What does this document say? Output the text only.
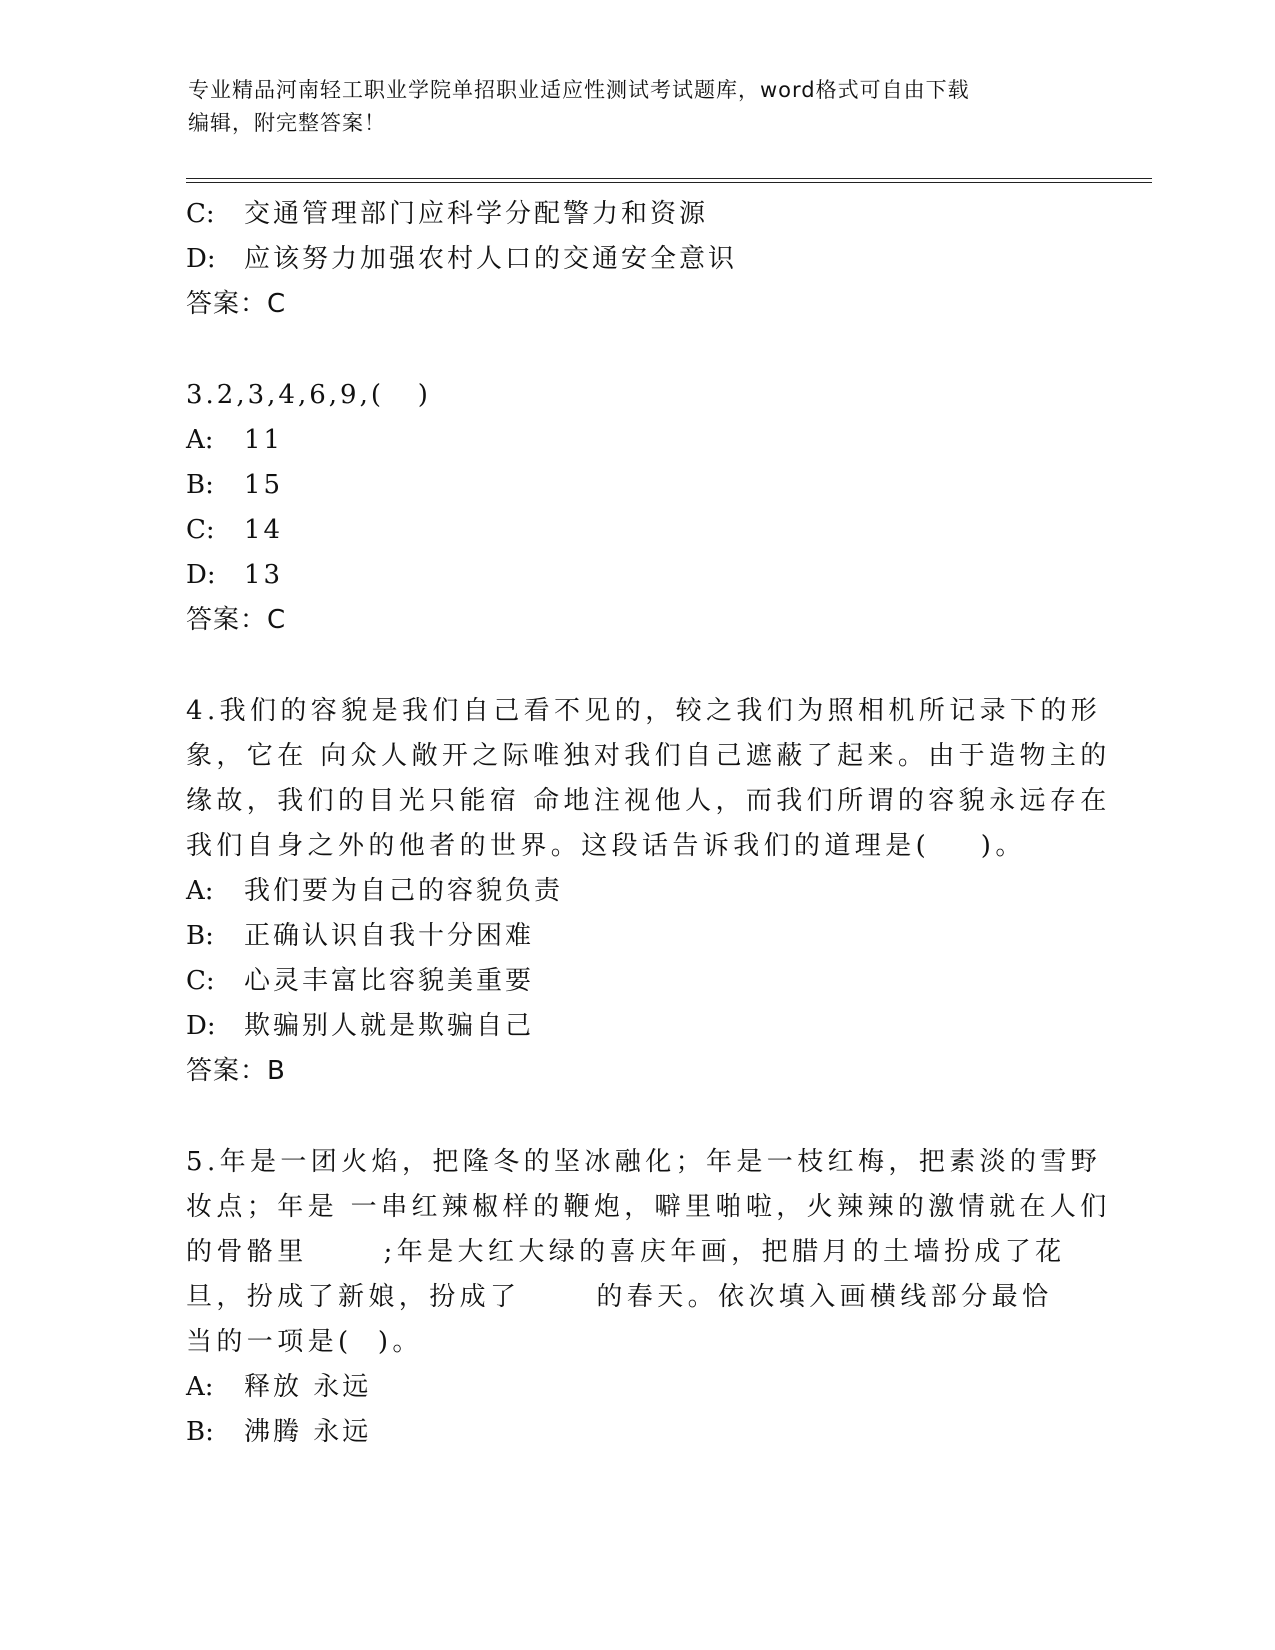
专业精品河南轻工职业学院单招职业适应性测试考试题库，word格式可自由下载
编辑，附完整答案！
C: 交通管理部门应科学分配警力和资源
D: 应该努力加强农村人口的交通安全意识
答案：C
3.2,3,4,6,9,(   )
A: 11
B: 15
C: 14
D: 13
答案：C
4.我们的容貌是我们自己看不见的，较之我们为照相机所记录下的形
象，它在 向众人敞开之际唯独对我们自己遮蔽了起来。由于造物主的
缘故，我们的目光只能宿 命地注视他人，而我们所谓的容貌永远存在
我们自身之外的他者的世界。这段话告诉我们的道理是(    )。
A: 我们要为自己的容貌负责
B: 正确认识自我十分困难
C: 心灵丰富比容貌美重要
D: 欺骗别人就是欺骗自己
答案：B
5.年是一团火焰，把隆冬的坚冰融化；年是一枝红梅，把素淡的雪野
妆点；年是 一串红辣椒样的鞭炮，噼里啪啦，火辣辣的激情就在人们
的骨骼里      ;年是大红大绿的喜庆年画，把腊月的土墙扮成了花
旦，扮成了新娘，扮成了      的春天。依次填入画横线部分最恰
当的一项是(  )。
A: 释放 永远
B: 沸腾 永远
